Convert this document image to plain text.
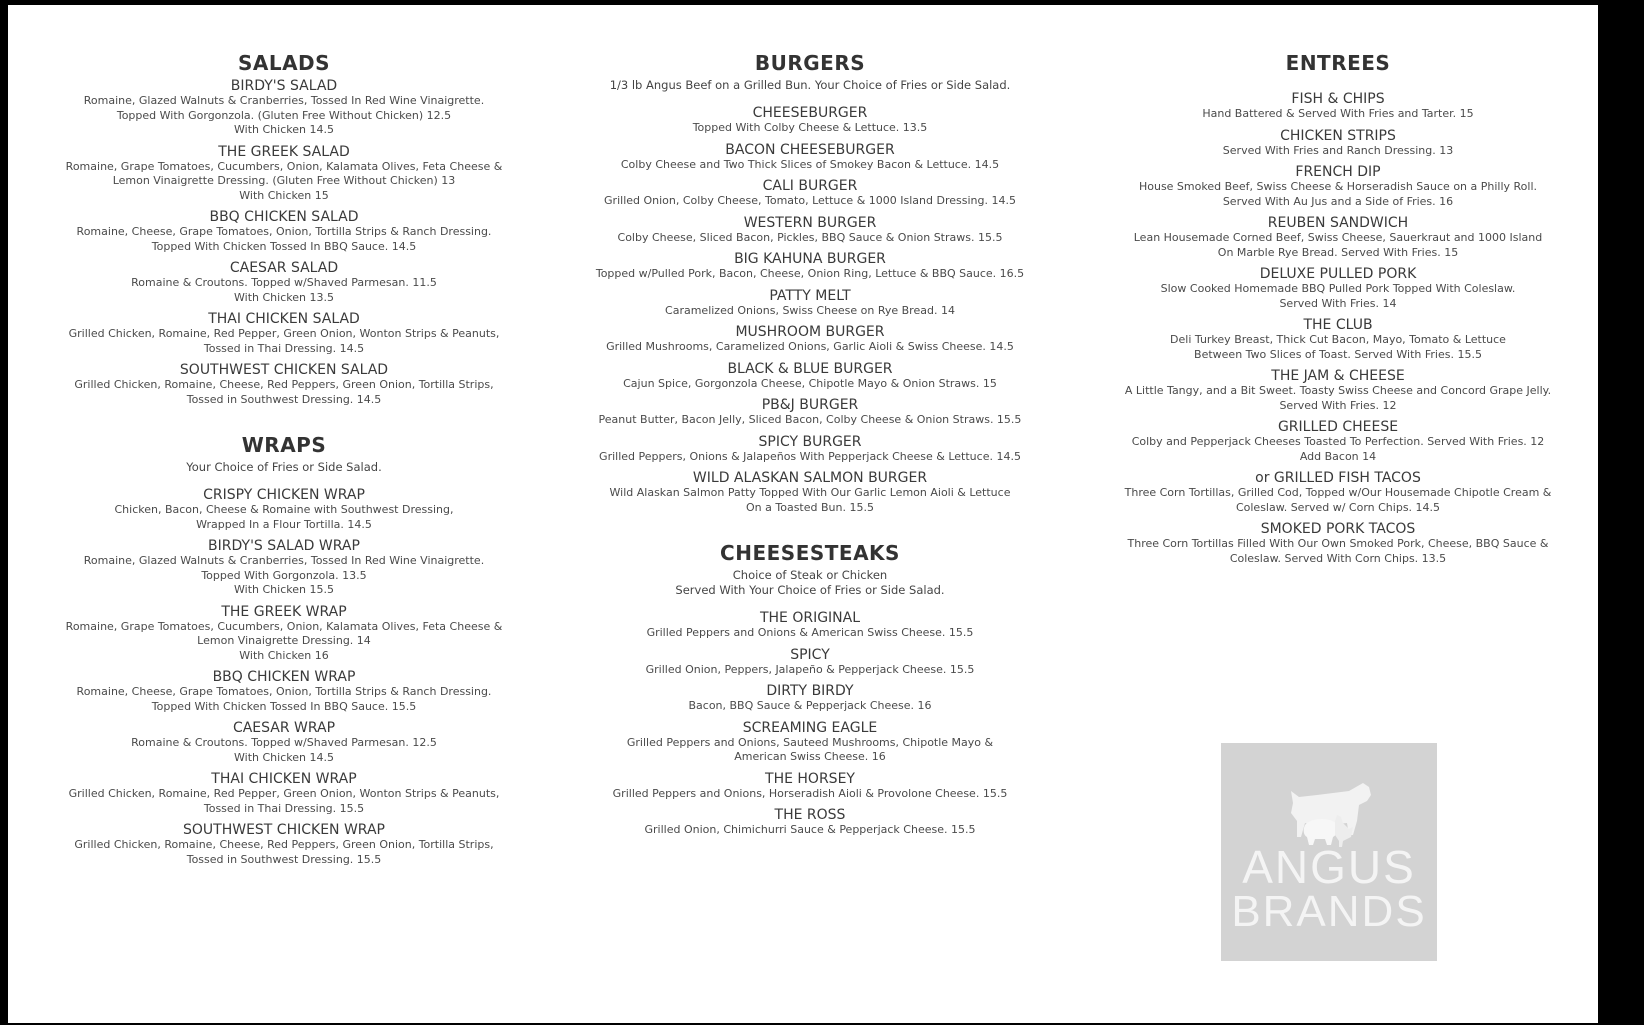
SALADS
BIRDY'S SALAD
Romaine, Glazed Walnuts & Cranberries, Tossed In Red Wine Vinaigrette.
Topped With Gorgonzola. (Gluten Free Without Chicken) 12.5
With Chicken 14.5
THE GREEK SALAD
Romaine, Grape Tomatoes, Cucumbers, Onion, Kalamata Olives, Feta Cheese &
Lemon Vinaigrette Dressing. (Gluten Free Without Chicken) 13
With Chicken 15
BBQ CHICKEN SALAD
Romaine, Cheese, Grape Tomatoes, Onion, Tortilla Strips & Ranch Dressing.
Topped With Chicken Tossed In BBQ Sauce. 14.5
CAESAR SALAD
Romaine & Croutons. Topped w/Shaved Parmesan. 11.5
With Chicken 13.5
THAI CHICKEN SALAD
Grilled Chicken, Romaine, Red Pepper, Green Onion, Wonton Strips & Peanuts,
Tossed in Thai Dressing. 14.5
SOUTHWEST CHICKEN SALAD
Grilled Chicken, Romaine, Cheese, Red Peppers, Green Onion, Tortilla Strips,
Tossed in Southwest Dressing. 14.5
WRAPS
Your Choice of Fries or Side Salad.
CRISPY CHICKEN WRAP
Chicken, Bacon, Cheese & Romaine with Southwest Dressing,
Wrapped In a Flour Tortilla. 14.5
BIRDY'S SALAD WRAP
Romaine, Glazed Walnuts & Cranberries, Tossed In Red Wine Vinaigrette.
Topped With Gorgonzola. 13.5
With Chicken 15.5
THE GREEK WRAP
Romaine, Grape Tomatoes, Cucumbers, Onion, Kalamata Olives, Feta Cheese &
Lemon Vinaigrette Dressing. 14
With Chicken 16
BBQ CHICKEN WRAP
Romaine, Cheese, Grape Tomatoes, Onion, Tortilla Strips & Ranch Dressing.
Topped With Chicken Tossed In BBQ Sauce. 15.5
CAESAR WRAP
Romaine & Croutons. Topped w/Shaved Parmesan. 12.5
With Chicken 14.5
THAI CHICKEN WRAP
Grilled Chicken, Romaine, Red Pepper, Green Onion, Wonton Strips & Peanuts,
Tossed in Thai Dressing. 15.5
SOUTHWEST CHICKEN WRAP
Grilled Chicken, Romaine, Cheese, Red Peppers, Green Onion, Tortilla Strips,
Tossed in Southwest Dressing. 15.5
BURGERS
1/3 lb Angus Beef on a Grilled Bun. Your Choice of Fries or Side Salad.
CHEESEBURGER
Topped With Colby Cheese & Lettuce. 13.5
BACON CHEESEBURGER
Colby Cheese and Two Thick Slices of Smokey Bacon & Lettuce. 14.5
CALI BURGER
Grilled Onion, Colby Cheese, Tomato, Lettuce & 1000 Island Dressing. 14.5
WESTERN BURGER
Colby Cheese, Sliced Bacon, Pickles, BBQ Sauce & Onion Straws. 15.5
BIG KAHUNA BURGER
Topped w/Pulled Pork, Bacon, Cheese, Onion Ring, Lettuce & BBQ Sauce. 16.5
PATTY MELT
Caramelized Onions, Swiss Cheese on Rye Bread. 14
MUSHROOM BURGER
Grilled Mushrooms, Caramelized Onions, Garlic Aioli & Swiss Cheese. 14.5
BLACK & BLUE BURGER
Cajun Spice, Gorgonzola Cheese, Chipotle Mayo & Onion Straws. 15
PB&J BURGER
Peanut Butter, Bacon Jelly, Sliced Bacon, Colby Cheese & Onion Straws. 15.5
SPICY BURGER
Grilled Peppers, Onions & Jalapeños With Pepperjack Cheese & Lettuce. 14.5
WILD ALASKAN SALMON BURGER
Wild Alaskan Salmon Patty Topped With Our Garlic Lemon Aioli & Lettuce
On a Toasted Bun. 15.5
CHEESESTEAKS
Choice of Steak or Chicken
Served With Your Choice of Fries or Side Salad.
THE ORIGINAL
Grilled Peppers and Onions & American Swiss Cheese. 15.5
SPICY
Grilled Onion, Peppers, Jalapeño & Pepperjack Cheese. 15.5
DIRTY BIRDY
Bacon, BBQ Sauce & Pepperjack Cheese. 16
SCREAMING EAGLE
Grilled Peppers and Onions, Sauteed Mushrooms, Chipotle Mayo &
American Swiss Cheese. 16
THE HORSEY
Grilled Peppers and Onions, Horseradish Aioli & Provolone Cheese. 15.5
THE ROSS
Grilled Onion, Chimichurri Sauce & Pepperjack Cheese. 15.5
ENTREES
FISH & CHIPS
Hand Battered & Served With Fries and Tarter. 15
CHICKEN STRIPS
Served With Fries and Ranch Dressing. 13
FRENCH DIP
House Smoked Beef, Swiss Cheese & Horseradish Sauce on a Philly Roll.
Served With Au Jus and a Side of Fries. 16
REUBEN SANDWICH
Lean Housemade Corned Beef, Swiss Cheese, Sauerkraut and 1000 Island
On Marble Rye Bread. Served With Fries. 15
DELUXE PULLED PORK
Slow Cooked Homemade BBQ Pulled Pork Topped With Coleslaw.
Served With Fries. 14
THE CLUB
Deli Turkey Breast, Thick Cut Bacon, Mayo, Tomato & Lettuce
Between Two Slices of Toast. Served With Fries. 15.5
THE JAM & CHEESE
A Little Tangy, and a Bit Sweet. Toasty Swiss Cheese and Concord Grape Jelly.
Served With Fries. 12
GRILLED CHEESE
Colby and Pepperjack Cheeses Toasted To Perfection. Served With Fries. 12
Add Bacon 14
or GRILLED FISH TACOS
Three Corn Tortillas, Grilled Cod, Topped w/Our Housemade Chipotle Cream &
Coleslaw. Served w/ Corn Chips. 14.5
SMOKED PORK TACOS
Three Corn Tortillas Filled With Our Own Smoked Pork, Cheese, BBQ Sauce &
Coleslaw. Served With Corn Chips. 13.5
ANGUS
BRANDS
